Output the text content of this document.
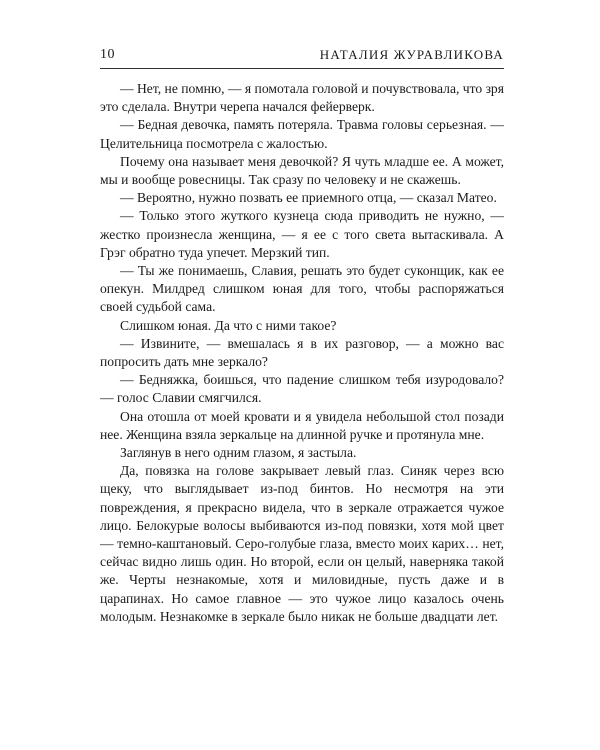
10	НАТАЛИЯ ЖУРАВЛИКОВА

— Нет, не помню, — я помотала головой и почувствовала, что зря это сделала. Внутри черепа начался фейерверк.

— Бедная девочка, память потеряла. Травма головы серьезная. — Целительница посмотрела с жалостью.

Почему она называет меня девочкой? Я чуть младше ее. А может, мы и вообще ровесницы. Так сразу по человеку и не скажешь.

— Вероятно, нужно позвать ее приемного отца, — сказал Матео.

— Только этого жуткого кузнеца сюда приводить не нужно, — жестко произнесла женщина, — я ее с того света вытаскивала. А Грэг обратно туда упечет. Мерзкий тип.

— Ты же понимаешь, Славия, решать это будет суконщик, как ее опекун. Милдред слишком юная для того, чтобы распоряжаться своей судьбой сама.

Слишком юная. Да что с ними такое?

— Извините, — вмешалась я в их разговор, — а можно вас попросить дать мне зеркало?

— Бедняжка, боишься, что падение слишком тебя изуродовало? — голос Славии смягчился.

Она отошла от моей кровати и я увидела небольшой стол позади нее. Женщина взяла зеркальце на длинной ручке и протянула мне.

Заглянув в него одним глазом, я застыла.

Да, повязка на голове закрывает левый глаз. Синяк через всю щеку, что выглядывает из-под бинтов. Но несмотря на эти повреждения, я прекрасно видела, что в зеркале отражается чужое лицо. Белокурые волосы выбиваются из-под повязки, хотя мой цвет — темно-каштановый. Серо-голубые глаза, вместо моих карих… нет, сейчас видно лишь один. Но второй, если он целый, наверняка такой же. Черты незнакомые, хотя и миловидные, пусть даже и в царапинах. Но самое главное — это чужое лицо казалось очень молодым. Незнакомке в зеркале было никак не больше двадцати лет.
